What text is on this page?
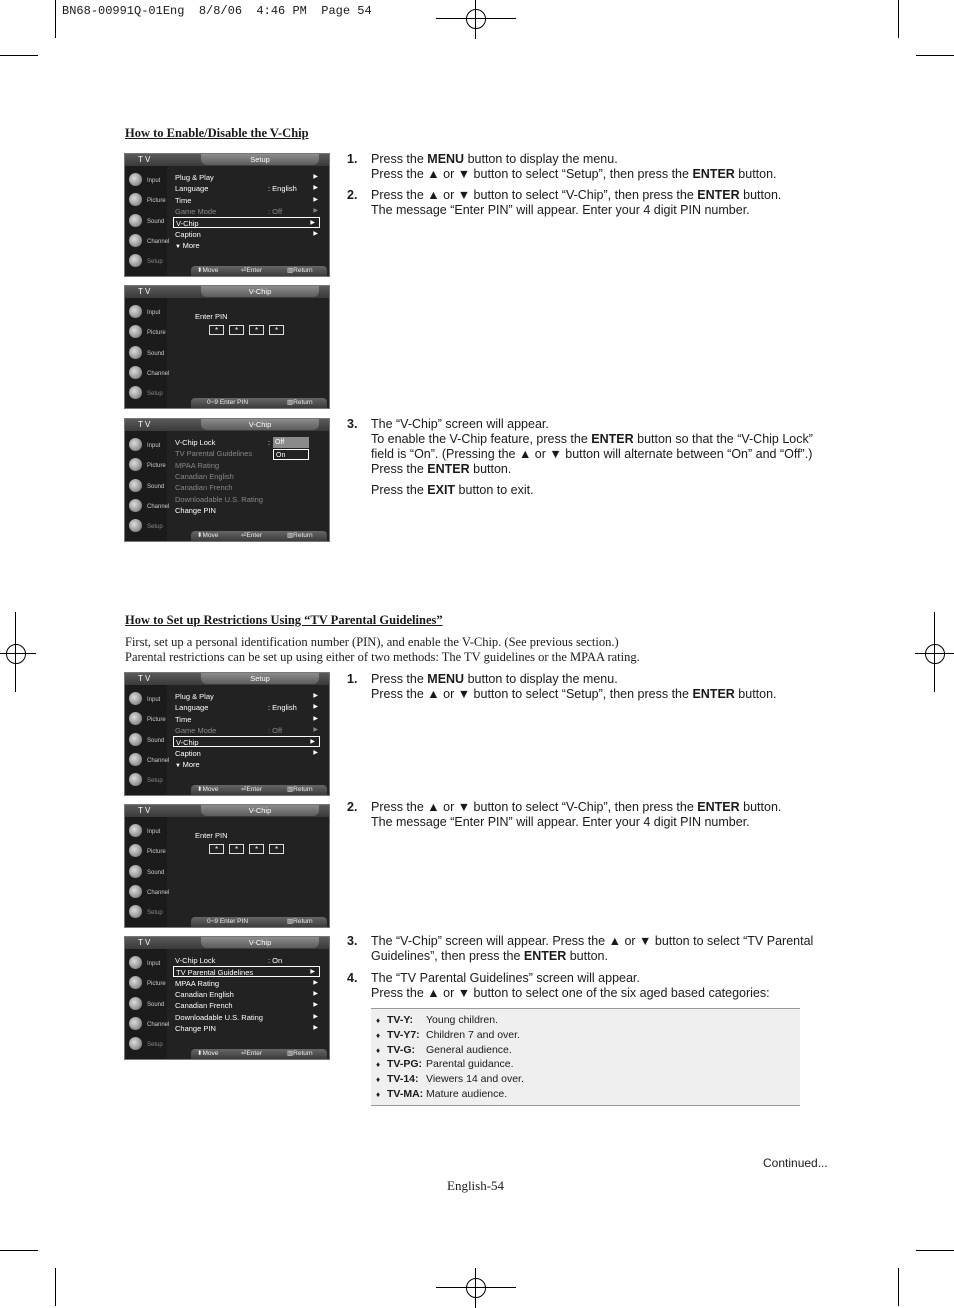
BN68-00991Q-01Eng  8/8/06  4:46 PM  Page 54
How to Enable/Disable the V-Chip
T V	Setup
Input
Picture
Sound
Channel
Setup
Plug & Play	▶
Language	: English	▶
Time	▶
Game Mode	: Off	▶
V-Chip	▶
Caption	▶
▼ More
⬍ Move	⏎ Enter	▥ Return
T V	V-Chip
Input
Picture
Sound
Channel
Setup
Enter PIN
*	*	*	*
0~9 Enter PIN	▥ Return
T V	V-Chip
Input
Picture
Sound
Channel
Setup
V-Chip Lock	: Off
On
TV Parental Guidelines
MPAA Rating
Canadian English
Canadian French
Downloadable U.S. Rating
Change PIN
⬍ Move	⏎ Enter	▥ Return
1. Press the MENU button to display the menu.
Press the ▲ or ▼ button to select “Setup”, then press the ENTER button.
2. Press the ▲ or ▼ button to select “V-Chip”, then press the ENTER button.
The message “Enter PIN” will appear. Enter your 4 digit PIN number.
3. The “V-Chip” screen will appear.
To enable the V-Chip feature, press the ENTER button so that the “V-Chip Lock”
field is “On”. (Pressing the ▲ or ▼ button will alternate between “On” and “Off”.)
Press the ENTER button.

Press the EXIT button to exit.
How to Set up Restrictions Using “TV Parental Guidelines”
First, set up a personal identification number (PIN), and enable the V-Chip. (See previous section.)
Parental restrictions can be set up using either of two methods: The TV guidelines or the MPAA rating.
T V	Setup
Input
Picture
Sound
Channel
Setup
Plug & Play	▶
Language	: English	▶
Time	▶
Game Mode	: Off	▶
V-Chip	▶
Caption	▶
▼ More
⬍ Move	⏎ Enter	▥ Return
T V	V-Chip
Input
Picture
Sound
Channel
Setup
Enter PIN
*	*	*	*
0~9 Enter PIN	▥ Return
T V	V-Chip
Input
Picture
Sound
Channel
Setup
V-Chip Lock	: On
TV Parental Guidelines	▶
MPAA Rating	▶
Canadian English	▶
Canadian French	▶
Downloadable U.S. Rating	▶
Change PIN	▶
⬍ Move	⏎ Enter	▥ Return
1. Press the MENU button to display the menu.
Press the ▲ or ▼ button to select “Setup”, then press the ENTER button.
2. Press the ▲ or ▼ button to select “V-Chip”, then press the ENTER button.
The message “Enter PIN” will appear. Enter your 4 digit PIN number.
3. The “V-Chip” screen will appear. Press the ▲ or ▼ button to select “TV Parental
Guidelines”, then press the ENTER button.
4. The “TV Parental Guidelines” screen will appear.
Press the ▲ or ▼ button to select one of the six aged based categories:
♦ TV-Y: Young children.
♦ TV-Y7: Children 7 and over.
♦ TV-G: General audience.
♦ TV-PG: Parental guidance.
♦ TV-14: Viewers 14 and over.
♦ TV-MA: Mature audience.
Continued...
English-54
